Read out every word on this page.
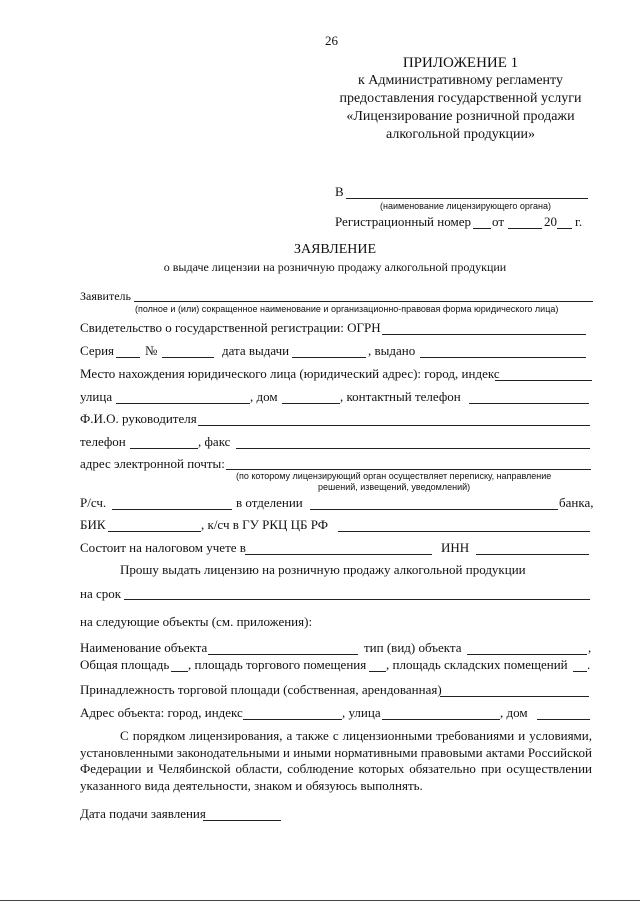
26
ПРИЛОЖЕНИЕ 1
к Административному регламенту
предоставления государственной услуги
«Лицензирование розничной продажи
алкогольной продукции»
В
(наименование лицензирующего органа)
Регистрационный номер от	20 г.
ЗАЯВЛЕНИЕ
о выдаче лицензии на розничную продажу алкогольной продукции
Заявитель
(полное и (или) сокращенное наименование и организационно-правовая форма юридического лица)
Свидетельство о государственной регистрации: ОГРН
Серия №	дата выдачи	, выдано
Место нахождения юридического лица (юридический адрес): город, индекс
улица	, дом	, контактный телефон
Ф.И.О. руководителя
телефон	, факс
адрес электронной почты:
(по которому лицензирующий орган осуществляет переписку, направление
решений, извещений, уведомлений)
Р/сч.	в отделении	банка,
БИК	, к/сч в ГУ РКЦ ЦБ РФ
Состоит на налоговом учете в	ИНН
Прошу выдать лицензию на розничную продажу алкогольной продукции
на срок
на следующие объекты (см. приложения):
Наименование объекта	тип (вид) объекта	,
Общая площадь , площадь торгового помещения , площадь складских помещений .
Принадлежность торговой площади (собственная, арендованная)
Адрес объекта: город, индекс	, улица	, дом
С порядком лицензирования, а также с лицензионными требованиями и условиями, установленными законодательными и иными нормативными правовыми актами Российской Федерации и Челябинской области, соблюдение которых обязательно при осуществлении указанного вида деятельности, знаком и обязуюсь выполнять.
Дата подачи заявления
